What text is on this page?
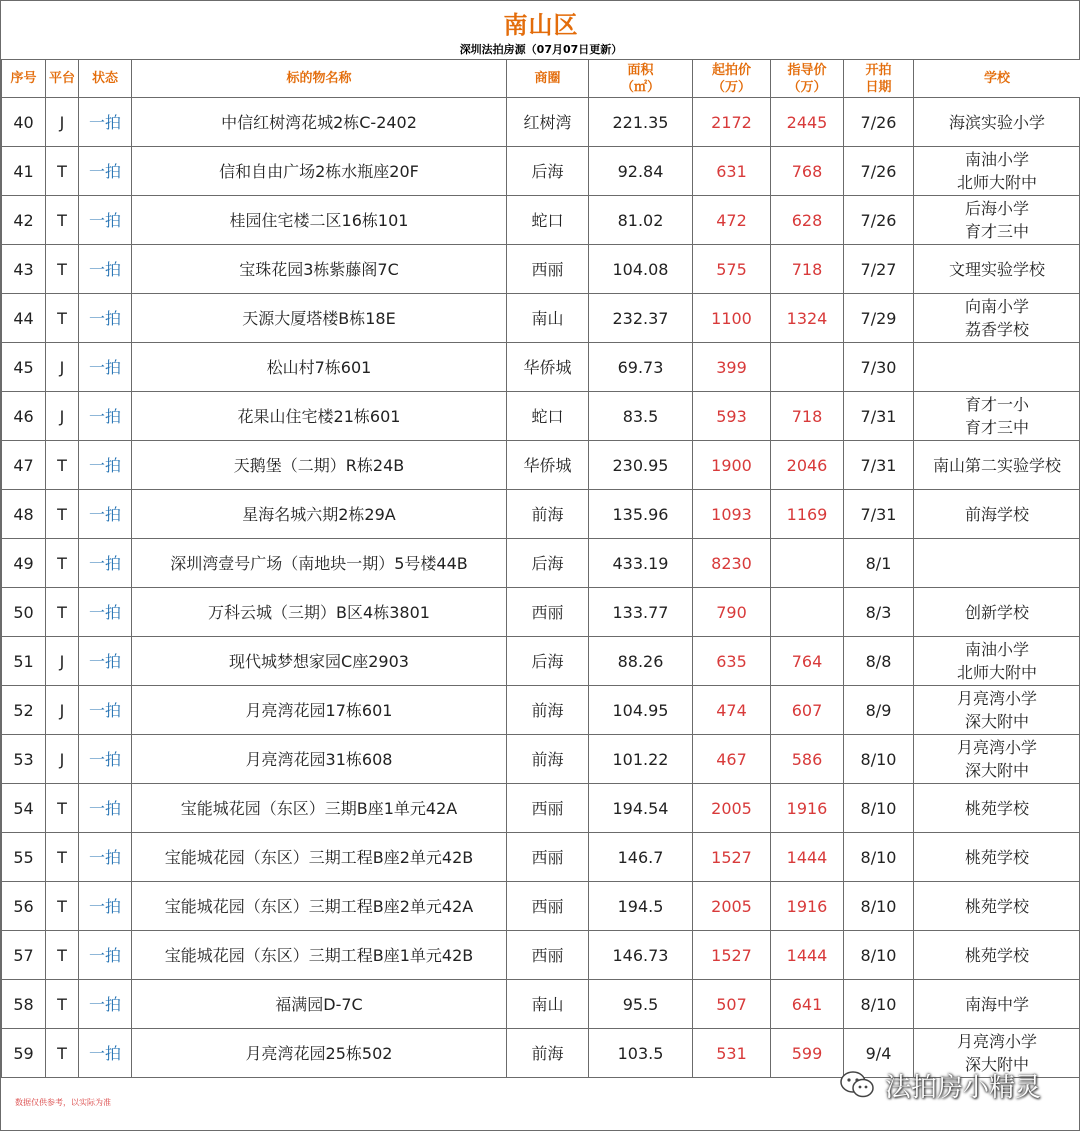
南山区
深圳法拍房源（07月07日更新）
序号	平台	状态	标的物名称	商圈	面积
（㎡）	起拍价
（万）	指导价
（万）	开拍
日期	学校
40	J	一拍	中信红树湾花城2栋C-2402	红树湾	221.35	2172	2445	7/26	海滨实验小学
41	T	一拍	信和自由广场2栋水瓶座20F	后海	92.84	631	768	7/26	南油小学
北师大附中
42	T	一拍	桂园住宅楼二区16栋101	蛇口	81.02	472	628	7/26	后海小学
育才三中
43	T	一拍	宝珠花园3栋紫藤阁7C	西丽	104.08	575	718	7/27	文理实验学校
44	T	一拍	天源大厦塔楼B栋18E	南山	232.37	1100	1324	7/29	向南小学
荔香学校
45	J	一拍	松山村7栋601	华侨城	69.73	399		7/30	
46	J	一拍	花果山住宅楼21栋601	蛇口	83.5	593	718	7/31	育才一小
育才三中
47	T	一拍	天鹅堡（二期）R栋24B	华侨城	230.95	1900	2046	7/31	南山第二实验学校
48	T	一拍	星海名城六期2栋29A	前海	135.96	1093	1169	7/31	前海学校
49	T	一拍	深圳湾壹号广场（南地块一期）5号楼44B	后海	433.19	8230		8/1	
50	T	一拍	万科云城（三期）B区4栋3801	西丽	133.77	790		8/3	创新学校
51	J	一拍	现代城梦想家园C座2903	后海	88.26	635	764	8/8	南油小学
北师大附中
52	J	一拍	月亮湾花园17栋601	前海	104.95	474	607	8/9	月亮湾小学
深大附中
53	J	一拍	月亮湾花园31栋608	前海	101.22	467	586	8/10	月亮湾小学
深大附中
54	T	一拍	宝能城花园（东区）三期B座1单元42A	西丽	194.54	2005	1916	8/10	桃苑学校
55	T	一拍	宝能城花园（东区）三期工程B座2单元42B	西丽	146.7	1527	1444	8/10	桃苑学校
56	T	一拍	宝能城花园（东区）三期工程B座2单元42A	西丽	194.5	2005	1916	8/10	桃苑学校
57	T	一拍	宝能城花园（东区）三期工程B座1单元42B	西丽	146.73	1527	1444	8/10	桃苑学校
58	T	一拍	福满园D-7C	南山	95.5	507	641	8/10	南海中学
59	T	一拍	月亮湾花园25栋502	前海	103.5	531	599	9/4	月亮湾小学
深大附中
数据仅供参考，以实际为准	法拍房小精灵
